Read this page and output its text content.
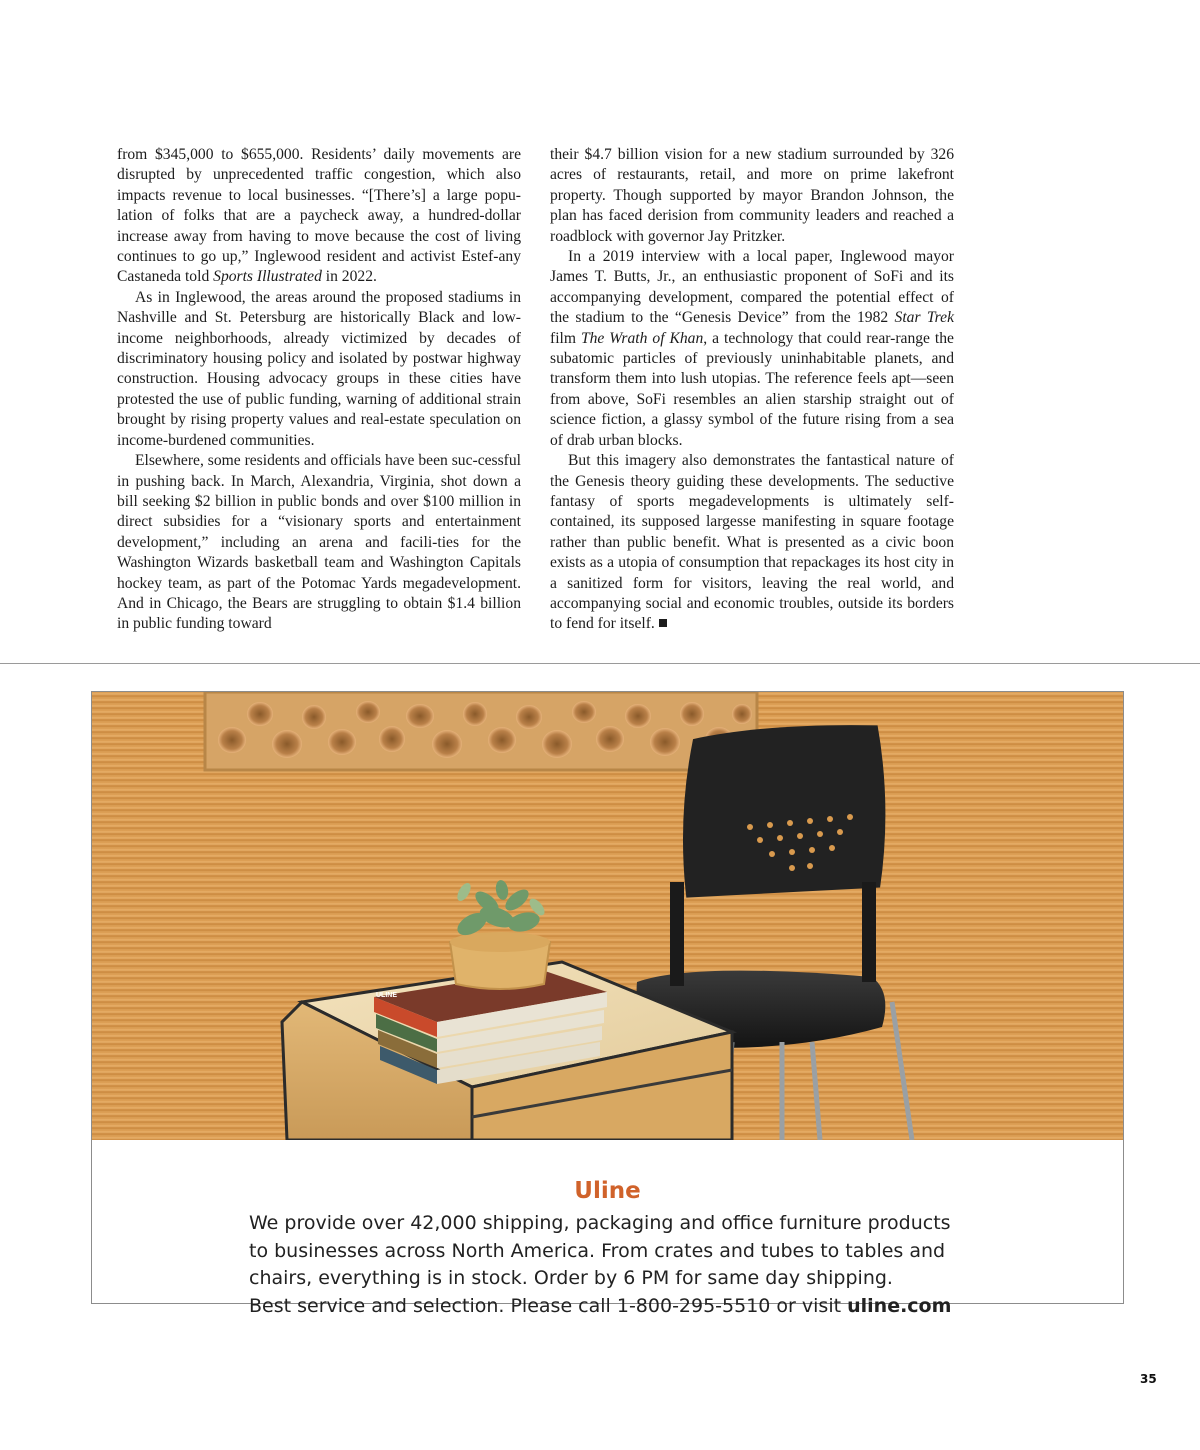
from $345,000 to $655,000. Residents’ daily movements are disrupted by unprecedented traffic congestion, which also impacts revenue to local businesses. “[There’s] a large popu-lation of folks that are a paycheck away, a hundred-dollar increase away from having to move because the cost of living continues to go up,” Inglewood resident and activist Estef-any Castaneda told Sports Illustrated in 2022.

As in Inglewood, the areas around the proposed stadiums in Nashville and St. Petersburg are historically Black and low-income neighborhoods, already victimized by decades of discriminatory housing policy and isolated by postwar highway construction. Housing advocacy groups in these cities have protested the use of public funding, warning of additional strain brought by rising property values and real-estate speculation on income-burdened communities.

Elsewhere, some residents and officials have been suc-cessful in pushing back. In March, Alexandria, Virginia, shot down a bill seeking $2 billion in public bonds and over $100 million in direct subsidies for a “visionary sports and entertainment development,” including an arena and facili-ties for the Washington Wizards basketball team and Washington Capitals hockey team, as part of the Potomac Yards megadevelopment. And in Chicago, the Bears are struggling to obtain $1.4 billion in public funding toward

their $4.7 billion vision for a new stadium surrounded by 326 acres of restaurants, retail, and more on prime lakefront property. Though supported by mayor Brandon Johnson, the plan has faced derision from community leaders and reached a roadblock with governor Jay Pritzker.

In a 2019 interview with a local paper, Inglewood mayor James T. Butts, Jr., an enthusiastic proponent of SoFi and its accompanying development, compared the potential effect of the stadium to the “Genesis Device” from the 1982 Star Trek film The Wrath of Khan, a technology that could rear-range the subatomic particles of previously uninhabitable planets, and transform them into lush utopias. The reference feels apt—seen from above, SoFi resembles an alien starship straight out of science fiction, a glassy symbol of the future rising from a sea of drab urban blocks.

But this imagery also demonstrates the fantastical nature of the Genesis theory guiding these developments. The seductive fantasy of sports megadevelopments is ultimately self-contained, its supposed largesse manifesting in square footage rather than public benefit. What is presented as a civic boon exists as a utopia of consumption that repackages its host city in a sanitized form for visitors, leaving the real world, and accompanying social and economic troubles, outside its borders to fend for itself.

ULINE

Uline

We provide over 42,000 shipping, packaging and office furniture products
to businesses across North America. From crates and tubes to tables and
chairs, everything is in stock. Order by 6 PM for same day shipping.
Best service and selection. Please call 1-800-295-5510 or visit uline.com

35
